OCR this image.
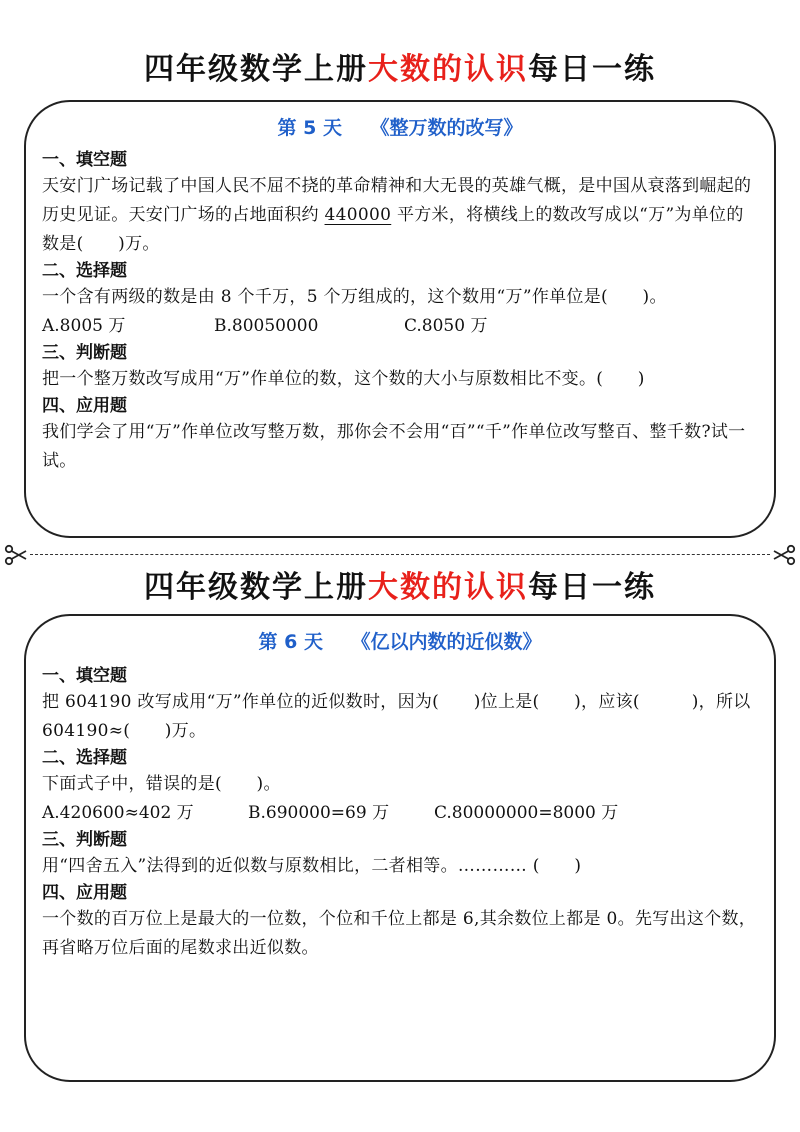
四年级数学上册大数的认识每日一练
第 5 天　　《整万数的改写》

一、填空题

天安门广场记载了中国人民不屈不挠的革命精神和大无畏的英雄气概，是中国从衰落到崛起的历史见证。天安门广场的占地面积约 440000 平方米，将横线上的数改写成以“万”为单位的数是(　　)万。

二、选择题

一个含有两级的数是由 8 个千万，5 个万组成的，这个数用“万”作单位是(　　)。

A.8005 万	B.80050000	C.8050 万

三、判断题

把一个整万数改写成用“万”作单位的数，这个数的大小与原数相比不变。(　　)

四、应用题

我们学会了用“万”作单位改写整万数，那你会不会用“百”“千”作单位改写整百、整千数?试一试。

四年级数学上册大数的认识每日一练
第 6 天　　《亿以内数的近似数》

一、填空题

把 604190 改写成用“万”作单位的近似数时，因为(　　)位上是(　　)，应该(　　　)，所以 604190≈(　　)万。

二、选择题

下面式子中，错误的是(　　)。

A.420600≈402 万	B.690000=69 万	C.80000000=8000 万

三、判断题

用“四舍五入”法得到的近似数与原数相比，二者相等。………… (　　)

四、应用题

一个数的百万位上是最大的一位数，个位和千位上都是 6,其余数位上都是 0。先写出这个数，再省略万位后面的尾数求出近似数。
